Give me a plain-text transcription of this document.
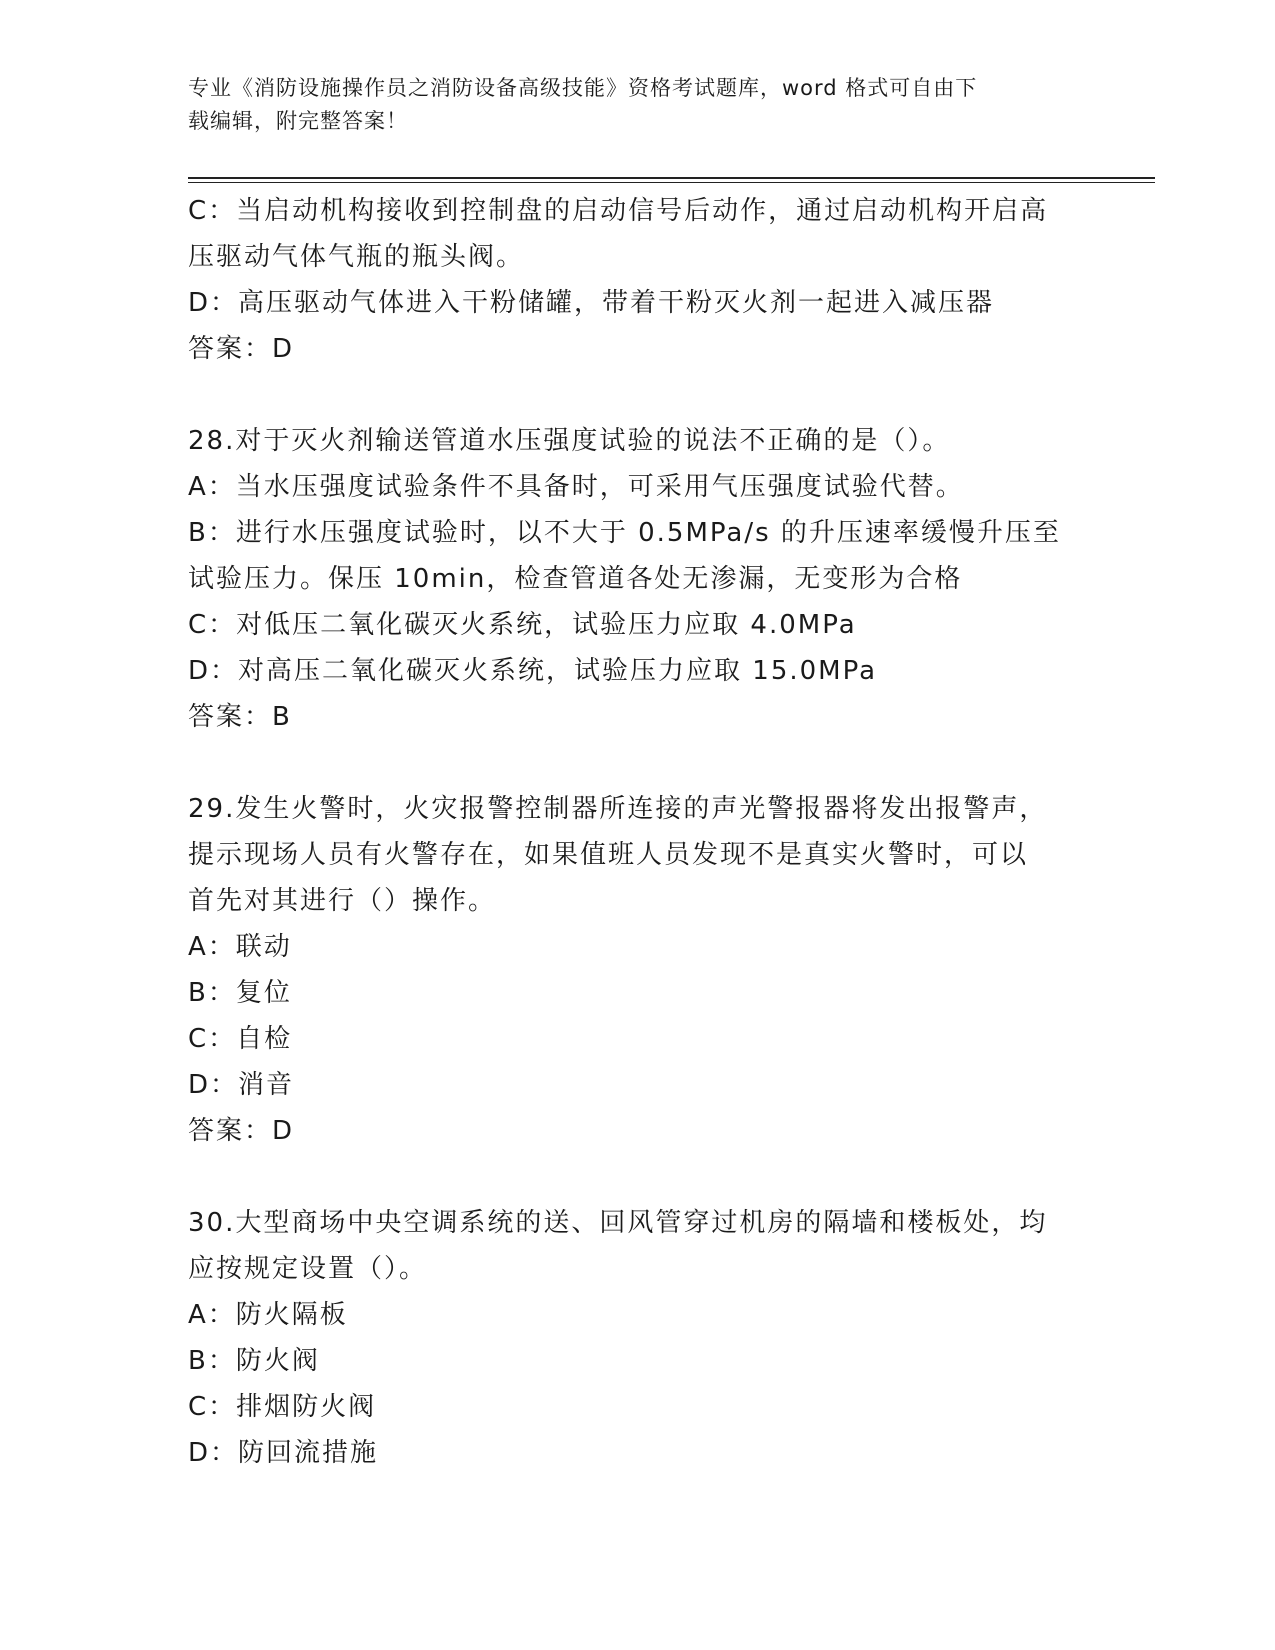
专业《消防设施操作员之消防设备高级技能》资格考试题库，word 格式可自由下
载编辑，附完整答案！
C：当启动机构接收到控制盘的启动信号后动作，通过启动机构开启高
压驱动气体气瓶的瓶头阀。
D：高压驱动气体进入干粉储罐，带着干粉灭火剂一起进入减压器
答案：D
28.对于灭火剂输送管道水压强度试验的说法不正确的是（）。
A：当水压强度试验条件不具备时，可采用气压强度试验代替。
B：进行水压强度试验时，以不大于 0.5MPa/s 的升压速率缓慢升压至
试验压力。保压 10min，检查管道各处无渗漏，无变形为合格
C：对低压二氧化碳灭火系统，试验压力应取 4.0MPa
D：对高压二氧化碳灭火系统，试验压力应取 15.0MPa
答案：B
29.发生火警时，火灾报警控制器所连接的声光警报器将发出报警声，
提示现场人员有火警存在，如果值班人员发现不是真实火警时，可以
首先对其进行（）操作。
A：联动
B：复位
C：自检
D：消音
答案：D
30.大型商场中央空调系统的送、回风管穿过机房的隔墙和楼板处，均
应按规定设置（）。
A：防火隔板
B：防火阀
C：排烟防火阀
D：防回流措施
